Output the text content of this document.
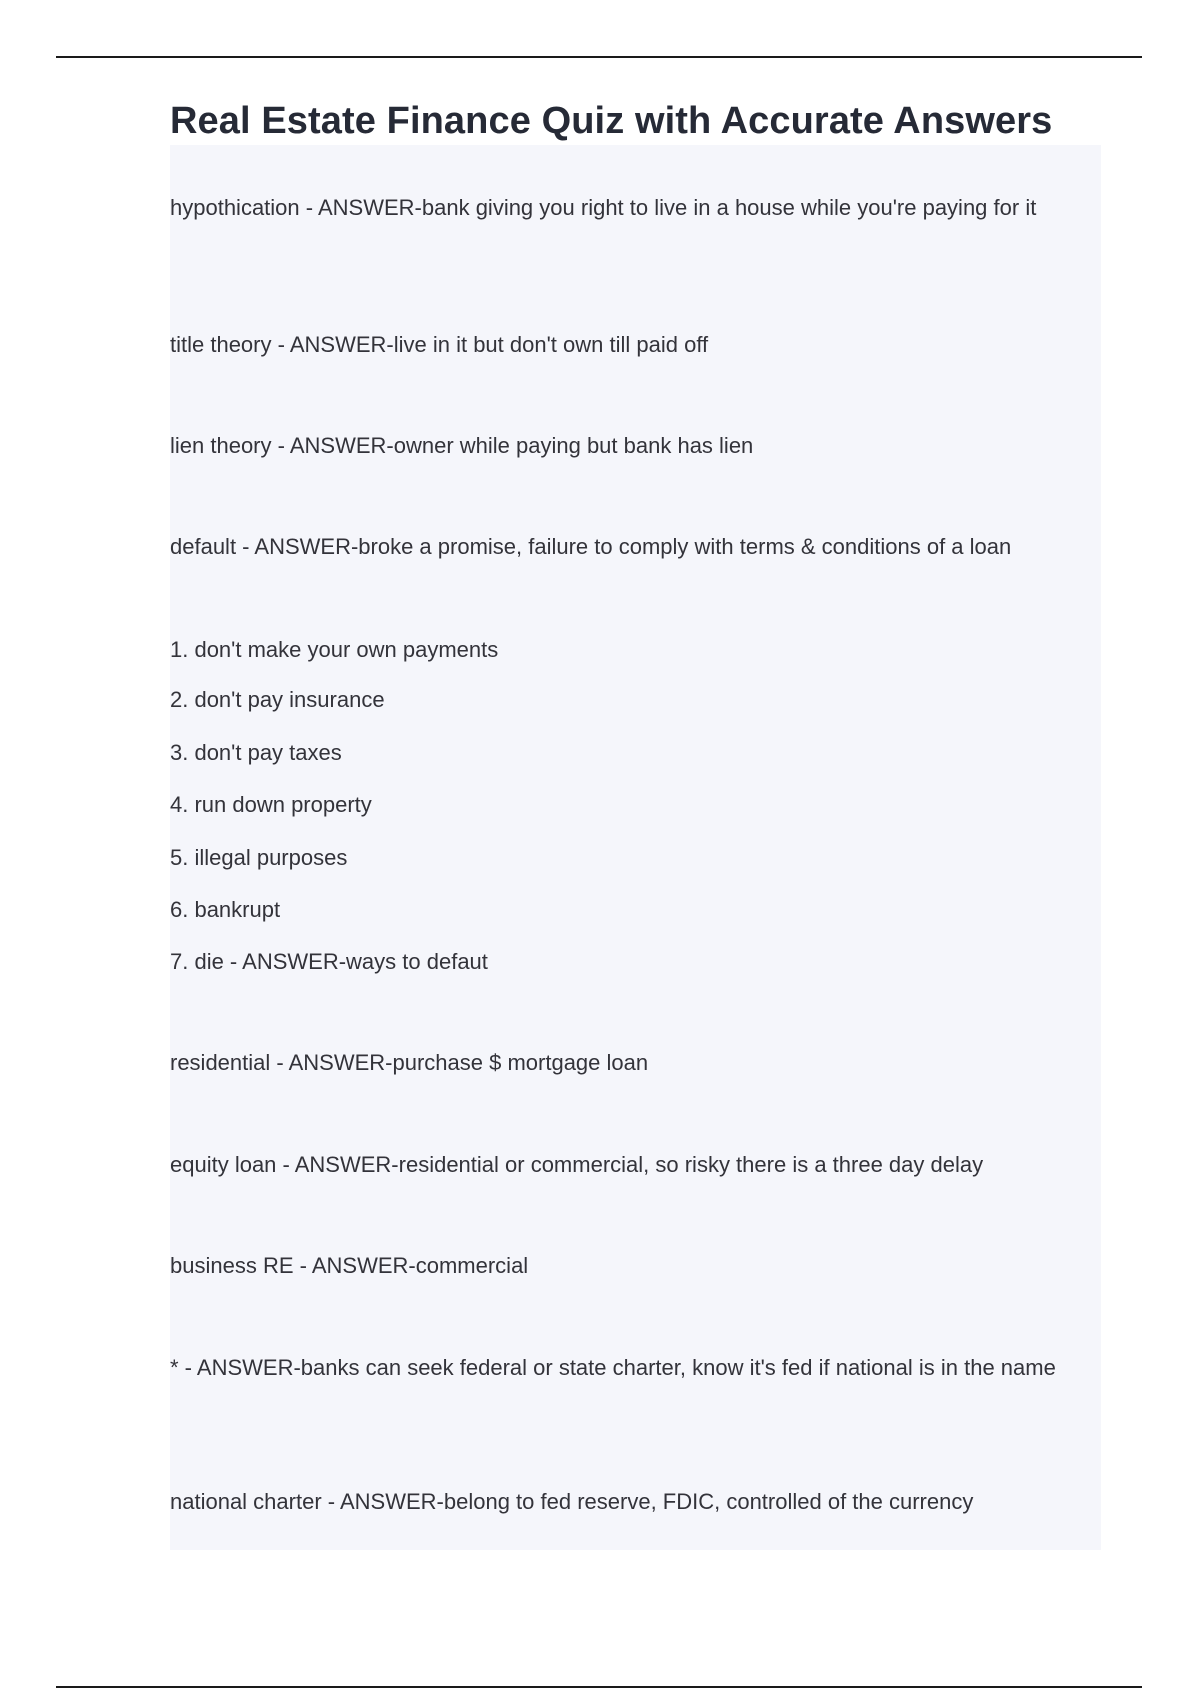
Real Estate Finance Quiz with Accurate Answers

hypothication - ANSWER-bank giving you right to live in a house while you're paying for it

title theory - ANSWER-live in it but don't own till paid off

lien theory - ANSWER-owner while paying but bank has lien

default - ANSWER-broke a promise, failure to comply with terms & conditions of a loan

1. don't make your own payments

2. don't pay insurance

3. don't pay taxes

4. run down property

5. illegal purposes

6. bankrupt

7. die - ANSWER-ways to defaut

residential - ANSWER-purchase $ mortgage loan

equity loan - ANSWER-residential or commercial, so risky there is a three day delay

business RE - ANSWER-commercial

* - ANSWER-banks can seek federal or state charter, know it's fed if national is in the name

national charter - ANSWER-belong to fed reserve, FDIC, controlled of the currency
